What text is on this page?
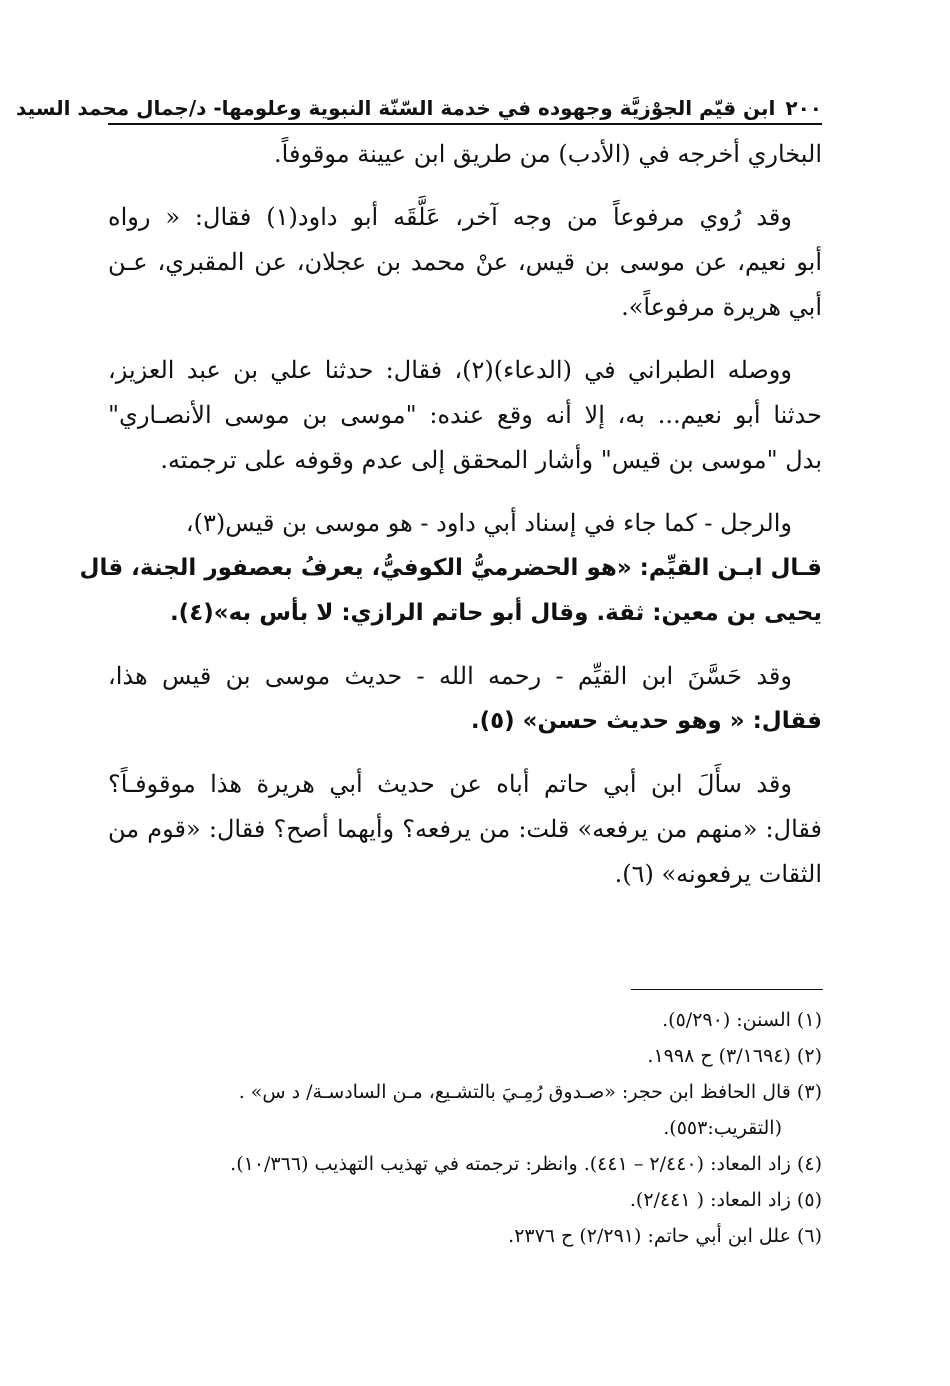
٢٠٠ابن قيّم الجوْزيَّة وجهوده في خدمة السّنّة النبوية وعلومها- د/جمال محمد السيد
البخاري أخرجه في (الأدب) من طريق ابن عيينة موقوفاً.
وقد رُوي مرفوعاً من وجه آخر، عَلَّقَه أبو داود(١) فقال: « رواه
أبو نعيم، عن موسى بن قيس، عنْ محمد بن عجلان، عن المقبري، عـن
أبي هريرة مرفوعاً».
ووصله الطبراني في (الدعاء)(٢)، فقال: حدثنا علي بن عبد العزيز،
حدثنا أبو نعيم... به، إلا أنه وقع عنده: "موسى بن موسى الأنصـاري"
بدل "موسى بن قيس" وأشار المحقق إلى عدم وقوفه على ترجمته.
والرجل - كما جاء في إسناد أبي داود - هو موسى بن قيس(٣)،
قـال ابـن القيِّم: «هو الحضرميُّ الكوفيُّ، يعرفُ بعصفور الجنة، قال
يحيى بن معين: ثقة. وقال أبو حاتم الرازي: لا بأس به»(٤).
وقد حَسَّنَ ابن القيِّم - رحمه الله - حديث موسى بن قيس هذا،
فقال: « وهو حديث حسن» (٥).
وقد سأَلَ ابن أبي حاتم أباه عن حديث أبي هريرة هذا موقوفـاً؟
فقال: «منهم من يرفعه» قلت: من يرفعه؟ وأيهما أصح؟ فقال: «قوم من
الثقات يرفعونه» (٦).
(١) السنن: (٥/٢٩٠).
(٢) (٣/١٦٩٤) ح ١٩٩٨.
(٣) قال الحافظ ابن حجر: «صـدوق رُمِـيَ بالتشـيع، مـن السادسـة/ د س» .
(التقريب:٥٥٣).
(٤) زاد المعاد: (٢/٤٤٠ – ٤٤١). وانظر: ترجمته في تهذيب التهذيب (١٠/٣٦٦).
(٥) زاد المعاد: ( ٢/٤٤١).
(٦) علل ابن أبي حاتم: (٢/٢٩١) ح ٢٣٧٦.
